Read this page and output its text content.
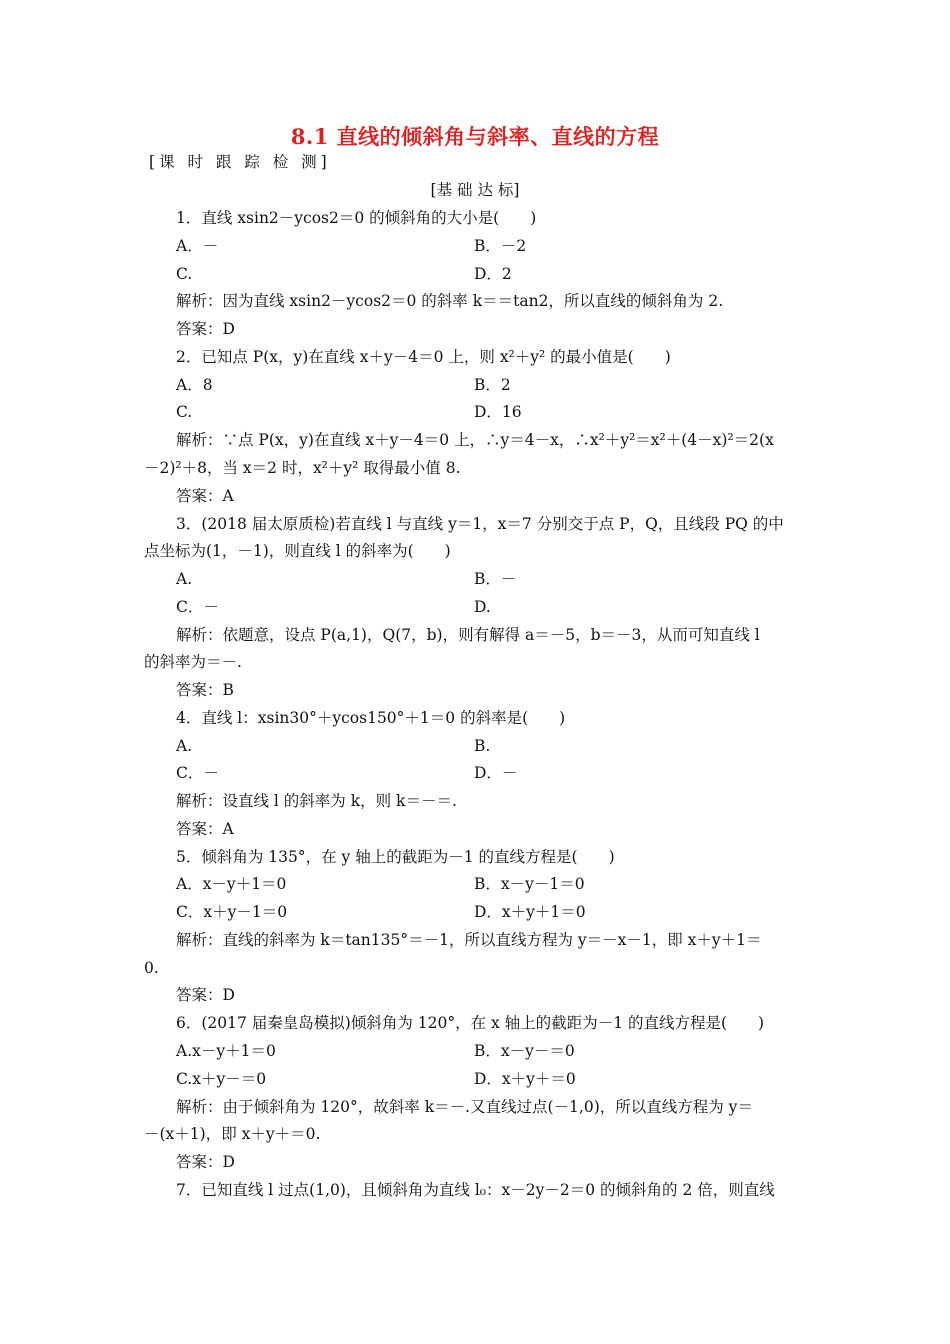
8.1 直线的倾斜角与斜率、直线的方程
[课 时 跟 踪 检 测]
[基 础 达 标]
1．直线 xsin2－ycos2＝0 的倾斜角的大小是(　　)
A．－	B．－2
C.	D．2
解析：因为直线 xsin2－ycos2＝0 的斜率 k＝＝tan2，所以直线的倾斜角为 2.
答案：D
2．已知点 P(x，y)在直线 x＋y－4＝0 上，则 x²＋y² 的最小值是(　　)
A．8	B．2
C.	D．16
解析：∵点 P(x，y)在直线 x＋y－4＝0 上，∴y＝4－x，∴x²＋y²＝x²＋(4－x)²＝2(x
－2)²＋8，当 x＝2 时，x²＋y² 取得最小值 8.
答案：A
3．(2018 届太原质检)若直线 l 与直线 y＝1，x＝7 分别交于点 P，Q，且线段 PQ 的中
点坐标为(1，－1)，则直线 l 的斜率为(　　)
A.	B．－
C．－	D.
解析：依题意，设点 P(a,1)，Q(7，b)，则有解得 a＝－5，b＝－3，从而可知直线 l
的斜率为＝－.
答案：B
4．直线 l：xsin30°＋ycos150°＋1＝0 的斜率是(　　)
A.	B.
C．－	D．－
解析：设直线 l 的斜率为 k，则 k＝－＝.
答案：A
5．倾斜角为 135°，在 y 轴上的截距为－1 的直线方程是(　　)
A．x－y＋1＝0	B．x－y－1＝0
C．x＋y－1＝0	D．x＋y＋1＝0
解析：直线的斜率为 k＝tan135°＝－1，所以直线方程为 y＝－x－1，即 x＋y＋1＝
0.
答案：D
6．(2017 届秦皇岛模拟)倾斜角为 120°，在 x 轴上的截距为－1 的直线方程是(　　)
A.x－y＋1＝0	B．x－y－＝0
C.x＋y－＝0	D．x＋y＋＝0
解析：由于倾斜角为 120°，故斜率 k＝－.又直线过点(－1,0)，所以直线方程为 y＝
－(x＋1)，即 x＋y＋＝0.
答案：D
7．已知直线 l 过点(1,0)，且倾斜角为直线 l₀：x－2y－2＝0 的倾斜角的 2 倍，则直线
